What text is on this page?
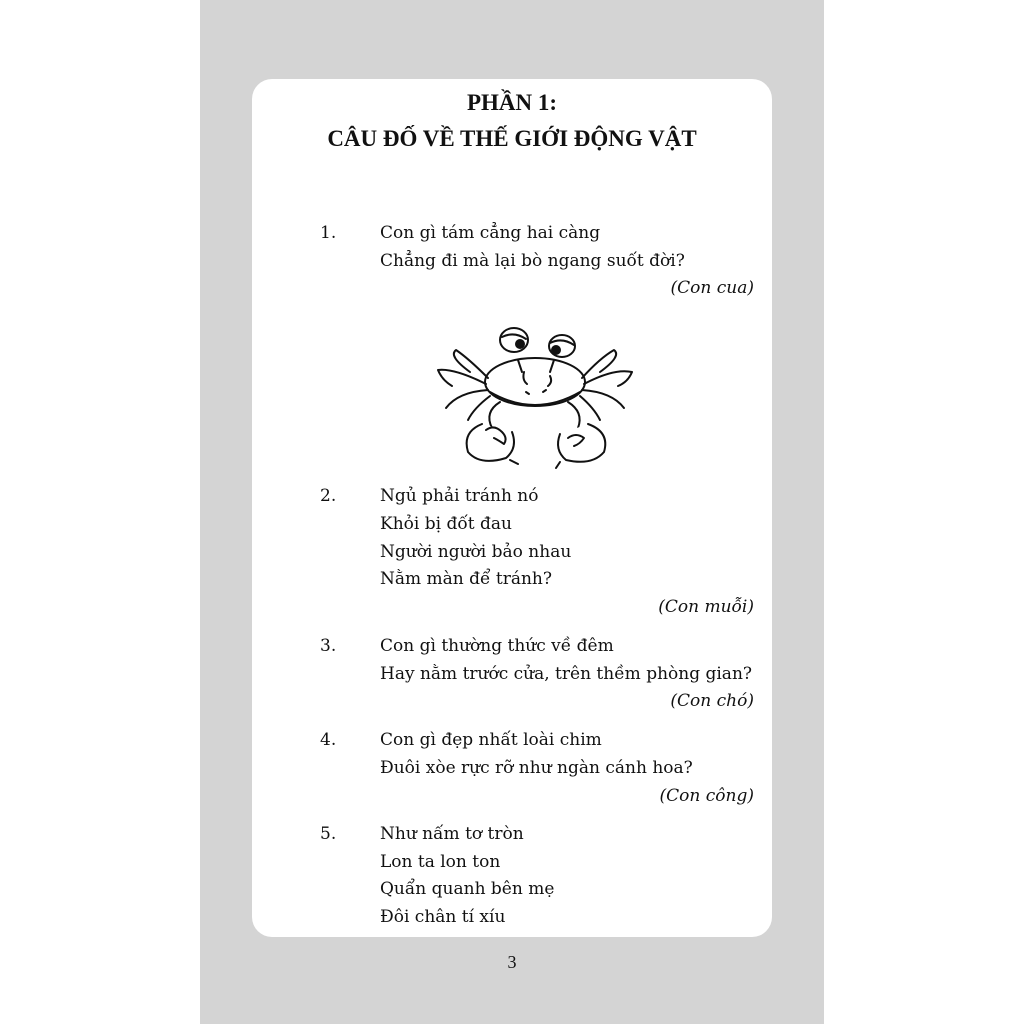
PHẦN 1:
CÂU ĐỐ VỀ THẾ GIỚI ĐỘNG VẬT
1.	Con gì tám cẳng hai càng
Chẳng đi mà lại bò ngang suốt đời?
(Con cua)
2.	Ngủ phải tránh nó
Khỏi bị đốt đau
Người người bảo nhau
Nằm màn để tránh?
(Con muỗi)
3.	Con gì thường thức về đêm
Hay nằm trước cửa, trên thềm phòng gian?
(Con chó)
4.	Con gì đẹp nhất loài chim
Đuôi xòe rực rỡ như ngàn cánh hoa?
(Con công)
5.	Như nấm tơ tròn
Lon ta lon ton
Quẩn quanh bên mẹ
Đôi chân tí xíu
3
